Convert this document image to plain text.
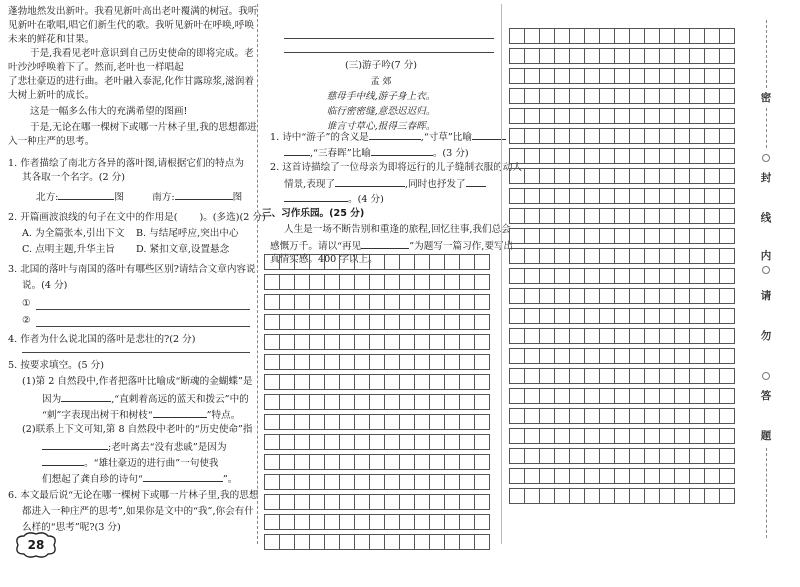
蓬勃地然发出新叶。我看见新叶高出老叶覆满的树冠。我听
见新叶在歌唱,唱它们新生代的歌。我听见新叶在呼唤,呼唤
未来的鲜花和甘果。
于是,我看见老叶意识到自己历史使命的即将完成。老
叶沙沙呼唤着下了。然而,老叶也一样唱起
了悲壮豪迈的进行曲。老叶融入泰泥,化作甘露琼浆,滋润着
大树上新叶的成长。
这是一幅多么伟大的充满希望的图画!
于是,无论在哪一棵树下或哪一片林子里,我的思想都进
入一种庄严的思考。
1. 作者描绘了南北方各异的落叶图,请根据它们的特点为
其各取一个名字。(2 分)
北方:	图	南方:	图
2. 开篇画波浪线的句子在文中的作用是( )。(多选)(2 分)
A. 为全篇张本,引出下文 B. 与结尾呼应,突出中心
C. 点明主题,升华主旨 D. 紧扣文章,设置悬念
3. 北国的落叶与南国的落叶有哪些区别?请结合文章内容说
说。(4 分)
①
②
4. 作者为什么说北国的落叶是悲壮的?(2 分)
5. 按要求填空。(5 分)
(1)第 2 自然段中,作者把落叶比喻成“断魂的金蝴蝶”是
因为	,“直刺着高远的蓝天和拨云”中的
“刺”字表现出树干和树枝“	”特点。
(2)联系上下文可知,第 8 自然段中老叶的“历史使命”指
;老叶离去“没有悲戚”是因为
。“雄壮豪迈的进行曲”一句使我
们想起了龚自珍的诗句“	”。
6. 本文最后说“无论在哪一棵树下或哪一片林子里,我的思想
都进入一种庄严的思考”,如果你是文中的“我”,你会有什
么样的“思考”呢?(3 分)
28
(三)游子吟(7 分)
孟 郊
慈母手中线,游子身上衣。
临行密密缝,意恐迟迟归。
谁言寸草心,报得三春晖。
1. 诗中“游子”的含义是	,“寸草”比喻
,“三春晖”比喻	。(3 分)
2. 这首诗描绘了一位母亲为即将远行的儿子缝制衣服的动人
情景,表现了	,同时也抒发了
。(4 分)
三、习作乐园。(25 分)
人生是一场不断告别和重逢的旅程,回忆往事,我们总会
感慨万千。请以“再见	”为题写一篇习作,要写出
真情实感。400 字以上。

密
封
线
内
请
勿
答
题
